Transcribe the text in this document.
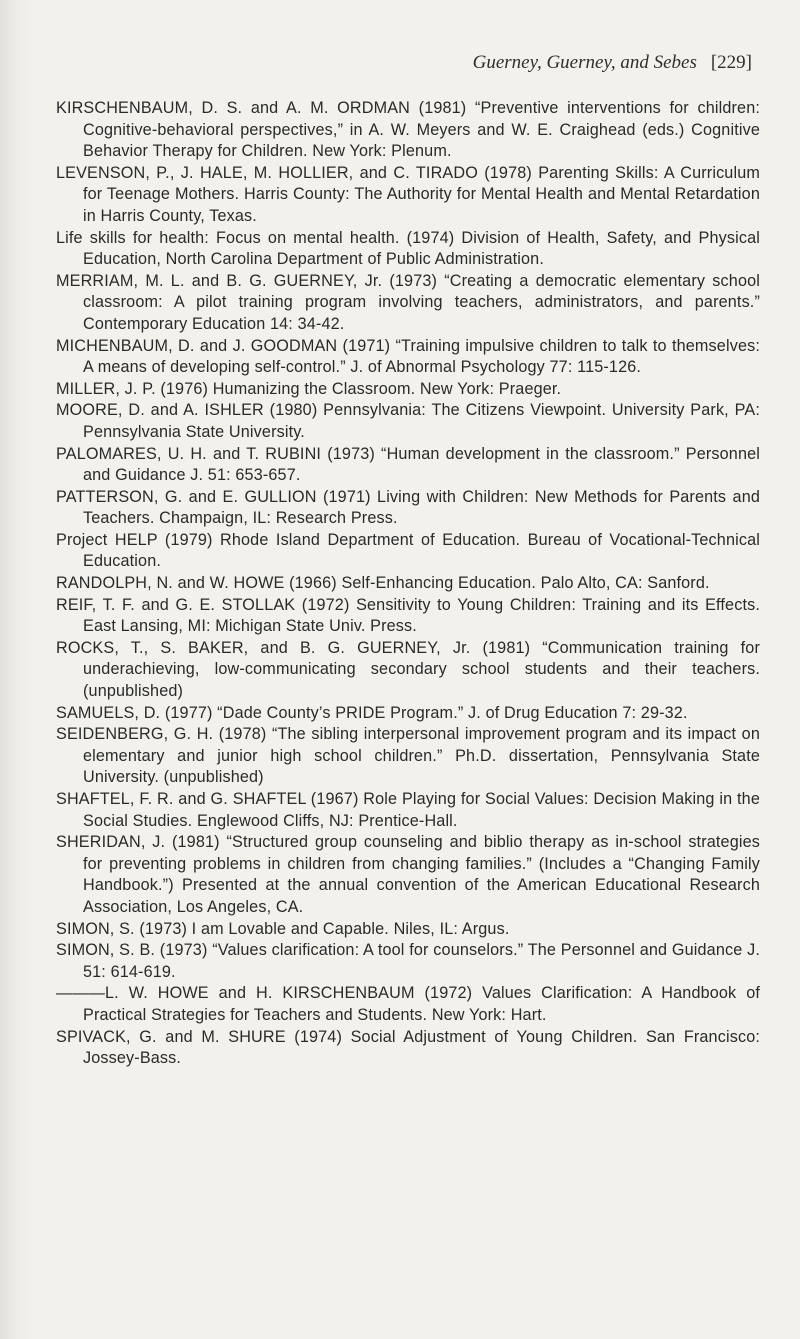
Guerney, Guerney, and Sebes [229]
KIRSCHENBAUM, D. S. and A. M. ORDMAN (1981) “Preventive interventions for children: Cognitive-behavioral perspectives,” in A. W. Meyers and W. E. Craighead (eds.) Cognitive Behavior Therapy for Children. New York: Plenum.
LEVENSON, P., J. HALE, M. HOLLIER, and C. TIRADO (1978) Parenting Skills: A Curriculum for Teenage Mothers. Harris County: The Authority for Mental Health and Mental Retardation in Harris County, Texas.
Life skills for health: Focus on mental health. (1974) Division of Health, Safety, and Physical Education, North Carolina Department of Public Administration.
MERRIAM, M. L. and B. G. GUERNEY, Jr. (1973) “Creating a democratic elementary school classroom: A pilot training program involving teachers, administrators, and parents.” Contemporary Education 14: 34-42.
MICHENBAUM, D. and J. GOODMAN (1971) “Training impulsive children to talk to themselves: A means of developing self-control.” J. of Abnormal Psychology 77: 115-126.
MILLER, J. P. (1976) Humanizing the Classroom. New York: Praeger.
MOORE, D. and A. ISHLER (1980) Pennsylvania: The Citizens Viewpoint. University Park, PA: Pennsylvania State University.
PALOMARES, U. H. and T. RUBINI (1973) “Human development in the classroom.” Personnel and Guidance J. 51: 653-657.
PATTERSON, G. and E. GULLION (1971) Living with Children: New Methods for Parents and Teachers. Champaign, IL: Research Press.
Project HELP (1979) Rhode Island Department of Education. Bureau of Vocational-Technical Education.
RANDOLPH, N. and W. HOWE (1966) Self-Enhancing Education. Palo Alto, CA: Sanford.
REIF, T. F. and G. E. STOLLAK (1972) Sensitivity to Young Children: Training and its Effects. East Lansing, MI: Michigan State Univ. Press.
ROCKS, T., S. BAKER, and B. G. GUERNEY, Jr. (1981) “Communication training for underachieving, low-communicating secondary school students and their teachers. (unpublished)
SAMUELS, D. (1977) “Dade County’s PRIDE Program.” J. of Drug Education 7: 29-32.
SEIDENBERG, G. H. (1978) “The sibling interpersonal improvement program and its impact on elementary and junior high school children.” Ph.D. dissertation, Pennsylvania State University. (unpublished)
SHAFTEL, F. R. and G. SHAFTEL (1967) Role Playing for Social Values: Decision Making in the Social Studies. Englewood Cliffs, NJ: Prentice-Hall.
SHERIDAN, J. (1981) “Structured group counseling and biblio therapy as in-school strategies for preventing problems in children from changing families.” (Includes a “Changing Family Handbook.”) Presented at the annual convention of the American Educational Research Association, Los Angeles, CA.
SIMON, S. (1973) I am Lovable and Capable. Niles, IL: Argus.
SIMON, S. B. (1973) “Values clarification: A tool for counselors.” The Personnel and Guidance J. 51: 614-619.
———L. W. HOWE and H. KIRSCHENBAUM (1972) Values Clarification: A Handbook of Practical Strategies for Teachers and Students. New York: Hart.
SPIVACK, G. and M. SHURE (1974) Social Adjustment of Young Children. San Francisco: Jossey-Bass.
